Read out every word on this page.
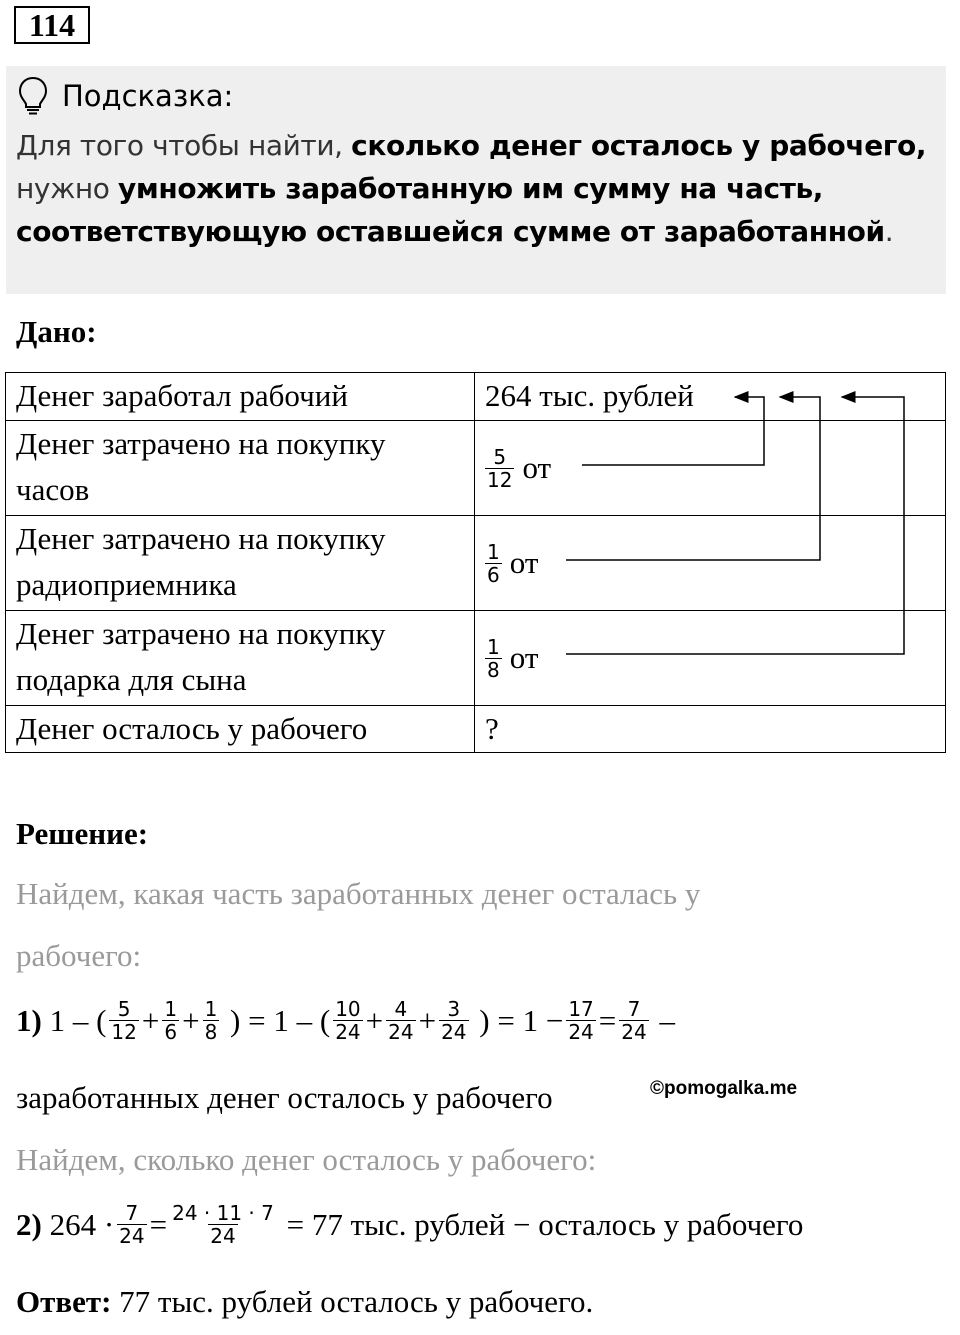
114
Подсказка:
Для того чтобы найти, сколько денег осталось у рабочего,
нужно умножить заработанную им сумму на часть,
соответствующую оставшейся сумме от заработанной.
Дано:
Денег заработал рабочий	264 тыс. рублей
Денег затрачено на покупку
часов	$\frac{5}{12}$ от

Денег затрачено на покупку
радиоприемника	$\frac{1}{6}$ от

Денег затрачено на покупку
подарка для сына	$\frac{1}{8}$ от

Денег осталось у рабочего	?
Решение:
Найдем, какая часть заработанных денег осталась у
рабочего:
1)
1 – ( $\frac{5}{12} + \frac{1}{6} + \frac{1}{8}$
) = 1 – ( $\frac{10}{24} + \frac{4}{24} + \frac{3}{24}$
) = $1 - \frac{17}{24} = \frac{7}{24}$
–
заработанных денег осталось у рабочего	©pomogalka.me
Найдем, сколько денег осталось у рабочего:
2)
$264 \cdot \frac{7}{24} = \frac{24 \cdot 11 \cdot 7}{24}$
= 77 тыс. рублей − осталось у рабочего
Ответ: 77 тыс. рублей осталось у рабочего.
